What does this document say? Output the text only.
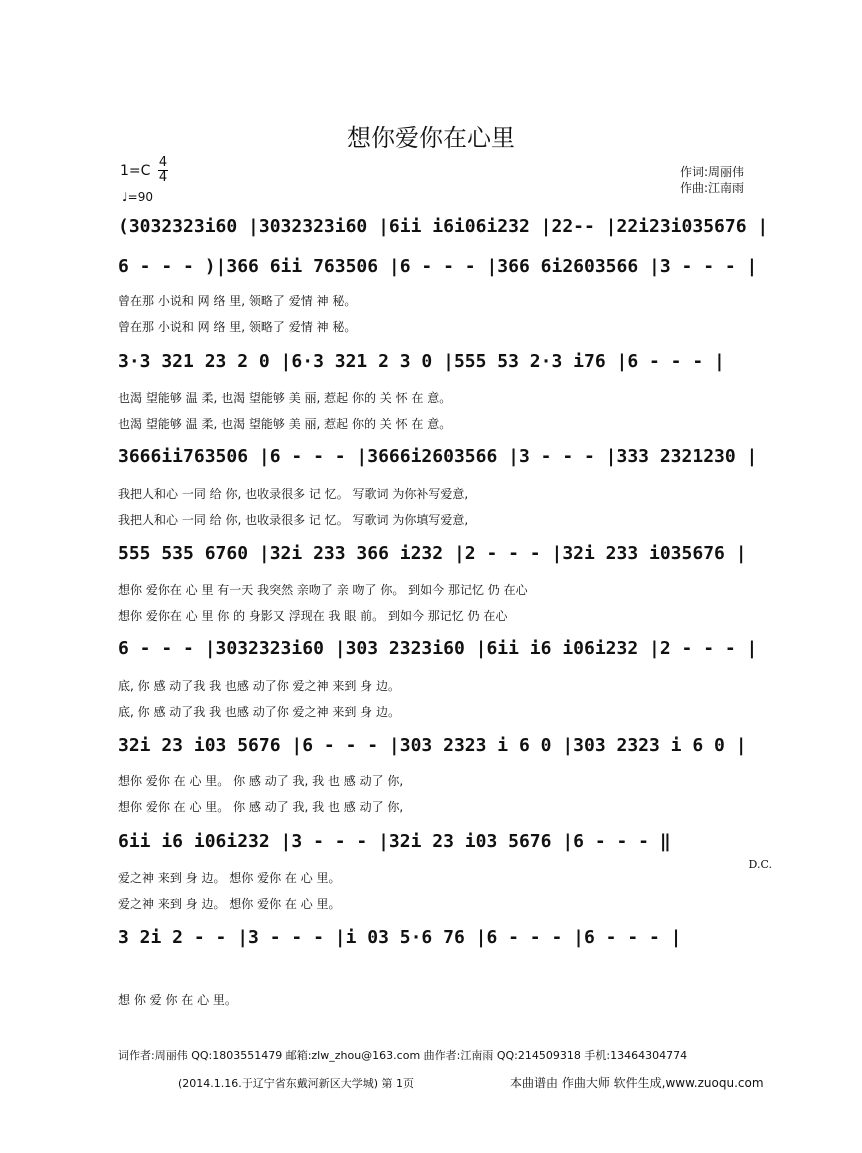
想你爱你在心里
1=C
4
4
♩=90
作词:周丽伟
作曲:江南雨
(3032323i60 |3032323i60 |6ii i6i06i232 |22-- |22i23i035676 |
6 - - - )|366 6ii 763506 |6 - - - |366 6i2603566 |3 - - - |
曾在那 小说和 网 络 里, 领略了 爱情 神 秘。
曾在那 小说和 网 络 里, 领略了 爱情 神 秘。
3·3 321 23 2 0 |6·3 321 2 3 0 |555 53 2·3 i76 |6 - - - |
也渴 望能够 温 柔, 也渴 望能够 美 丽, 惹起 你的 关 怀 在 意。
也渴 望能够 温 柔, 也渴 望能够 美 丽, 惹起 你的 关 怀 在 意。
3666ii763506 |6 - - - |3666i2603566 |3 - - - |333 2321230 |
我把人和心 一同 给 你, 也收录很多 记 忆。 写歌词 为你补写爱意,
我把人和心 一同 给 你, 也收录很多 记 忆。 写歌词 为你填写爱意,
555 535 6760 |32i 233 366 i232 |2 - - - |32i 233 i035676 |
想你 爱你在 心 里 有一天 我突然 亲吻了 亲 吻了 你。 到如今 那记忆 仍 在心
想你 爱你在 心 里 你 的 身影又 浮现在 我 眼 前。 到如今 那记忆 仍 在心
6 - - - |3032323i60 |303 2323i60 |6ii i6 i06i232 |2 - - - |
底, 你 感 动了我 我 也感 动了你 爱之神 来到 身 边。
底, 你 感 动了我 我 也感 动了你 爱之神 来到 身 边。
32i 23 i03 5676 |6 - - - |303 2323 i 6 0 |303 2323 i 6 0 |
想你 爱你 在 心 里。 你 感 动了 我, 我 也 感 动了 你,
想你 爱你 在 心 里。 你 感 动了 我, 我 也 感 动了 你,
6ii i6 i06i232 |3 - - - |32i 23 i03 5676 |6 - - - ‖
D.C.
爱之神 来到 身 边。 想你 爱你 在 心 里。
爱之神 来到 身 边。 想你 爱你 在 心 里。
3 2i 2 - - |3 - - - |i 03 5·6 76 |6 - - - |6 - - - |
想 你 爱 你 在 心 里。
词作者:周丽伟 QQ:1803551479 邮箱:zlw_zhou@163.com 曲作者:江南雨 QQ:214509318 手机:13464304774
(2014.1.16.于辽宁省东戴河新区大学城) 第 1页	本曲谱由 作曲大师 软件生成,www.zuoqu.com
